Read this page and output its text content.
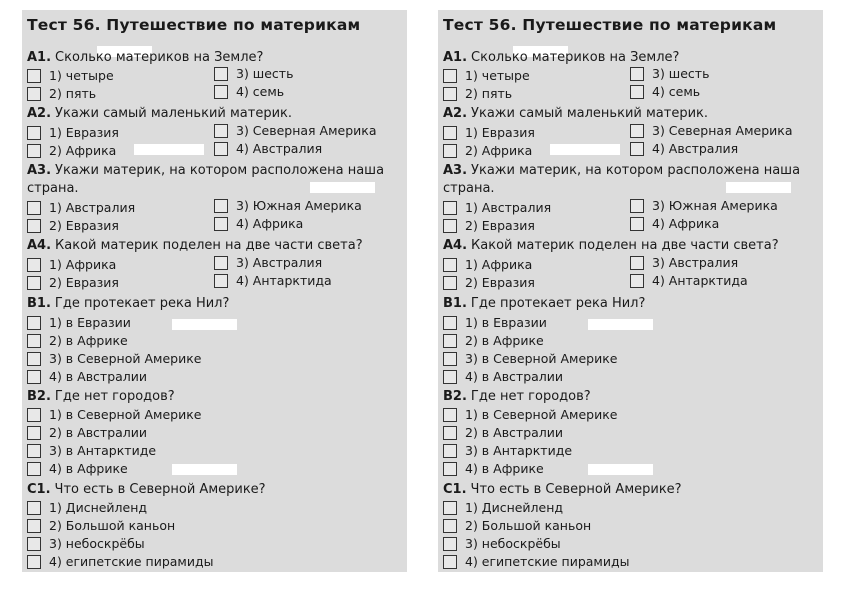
Тест 56. Путешествие по материкам
A1. Сколько материков на Земле?
1) четыре	3) шесть
2) пять	4) семь
A2. Укажи самый маленький материк.
1) Евразия	3) Северная Америка
2) Африка	4) Австралия
A3. Укажи материк, на котором расположена наша
страна.
1) Австралия	3) Южная Америка
2) Евразия	4) Африка
A4. Какой материк поделен на две части света?
1) Африка	3) Австралия
2) Евразия	4) Антарктида
B1. Где протекает река Нил?
1) в Евразии
2) в Африке
3) в Северной Америке
4) в Австралии
B2. Где нет городов?
1) в Северной Америке
2) в Австралии
3) в Антарктиде
4) в Африке
C1. Что есть в Северной Америке?
1) Диснейленд
2) Большой каньон
3) небоскрёбы
4) египетские пирамиды
Тест 56. Путешествие по материкам
A1. Сколько материков на Земле?
1) четыре	3) шесть
2) пять	4) семь
A2. Укажи самый маленький материк.
1) Евразия	3) Северная Америка
2) Африка	4) Австралия
A3. Укажи материк, на котором расположена наша
страна.
1) Австралия	3) Южная Америка
2) Евразия	4) Африка
A4. Какой материк поделен на две части света?
1) Африка	3) Австралия
2) Евразия	4) Антарктида
B1. Где протекает река Нил?
1) в Евразии
2) в Африке
3) в Северной Америке
4) в Австралии
B2. Где нет городов?
1) в Северной Америке
2) в Австралии
3) в Антарктиде
4) в Африке
C1. Что есть в Северной Америке?
1) Диснейленд
2) Большой каньон
3) небоскрёбы
4) египетские пирамиды
